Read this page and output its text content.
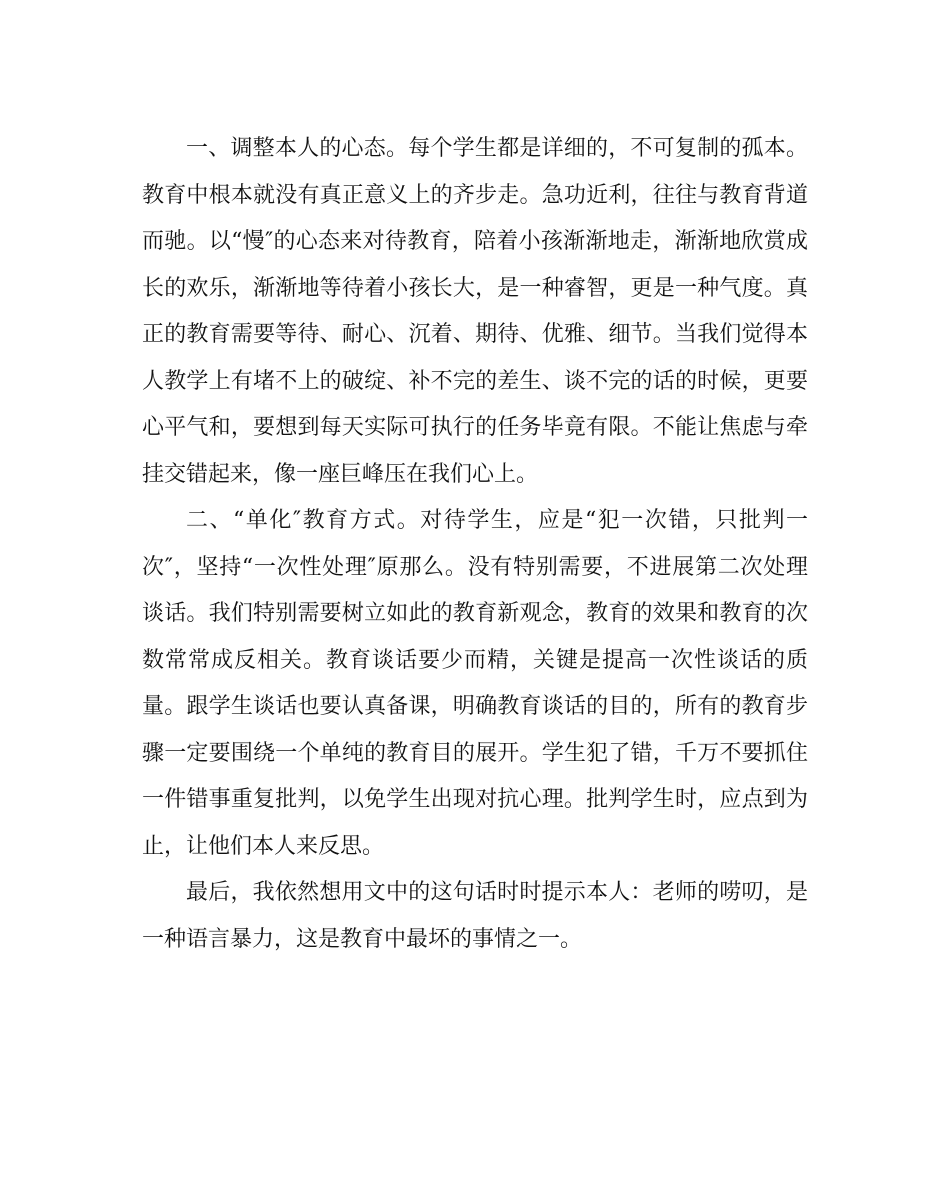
一、调整本人的心态。每个学生都是详细的，不可复制的孤本。
教育中根本就没有真正意义上的齐步走。急功近利，往往与教育背道
而驰。以“慢″的心态来对待教育，陪着小孩渐渐地走，渐渐地欣赏成
长的欢乐，渐渐地等待着小孩长大，是一种睿智，更是一种气度。真
正的教育需要等待、耐心、沉着、期待、优雅、细节。当我们觉得本
人教学上有堵不上的破绽、补不完的差生、谈不完的话的时候，更要
心平气和，要想到每天实际可执行的任务毕竟有限。不能让焦虑与牵
挂交错起来，像一座巨峰压在我们心上。
二、“单化″教育方式。对待学生，应是“犯一次错，只批判一
次″，坚持“一次性处理″原那么。没有特别需要，不进展第二次处理
谈话。我们特别需要树立如此的教育新观念，教育的效果和教育的次
数常常成反相关。教育谈话要少而精，关键是提高一次性谈话的质
量。跟学生谈话也要认真备课，明确教育谈话的目的，所有的教育步
骤一定要围绕一个单纯的教育目的展开。学生犯了错，千万不要抓住
一件错事重复批判，以免学生出现对抗心理。批判学生时，应点到为
止，让他们本人来反思。
最后，我依然想用文中的这句话时时提示本人：老师的唠叨，是
一种语言暴力，这是教育中最坏的事情之一。
